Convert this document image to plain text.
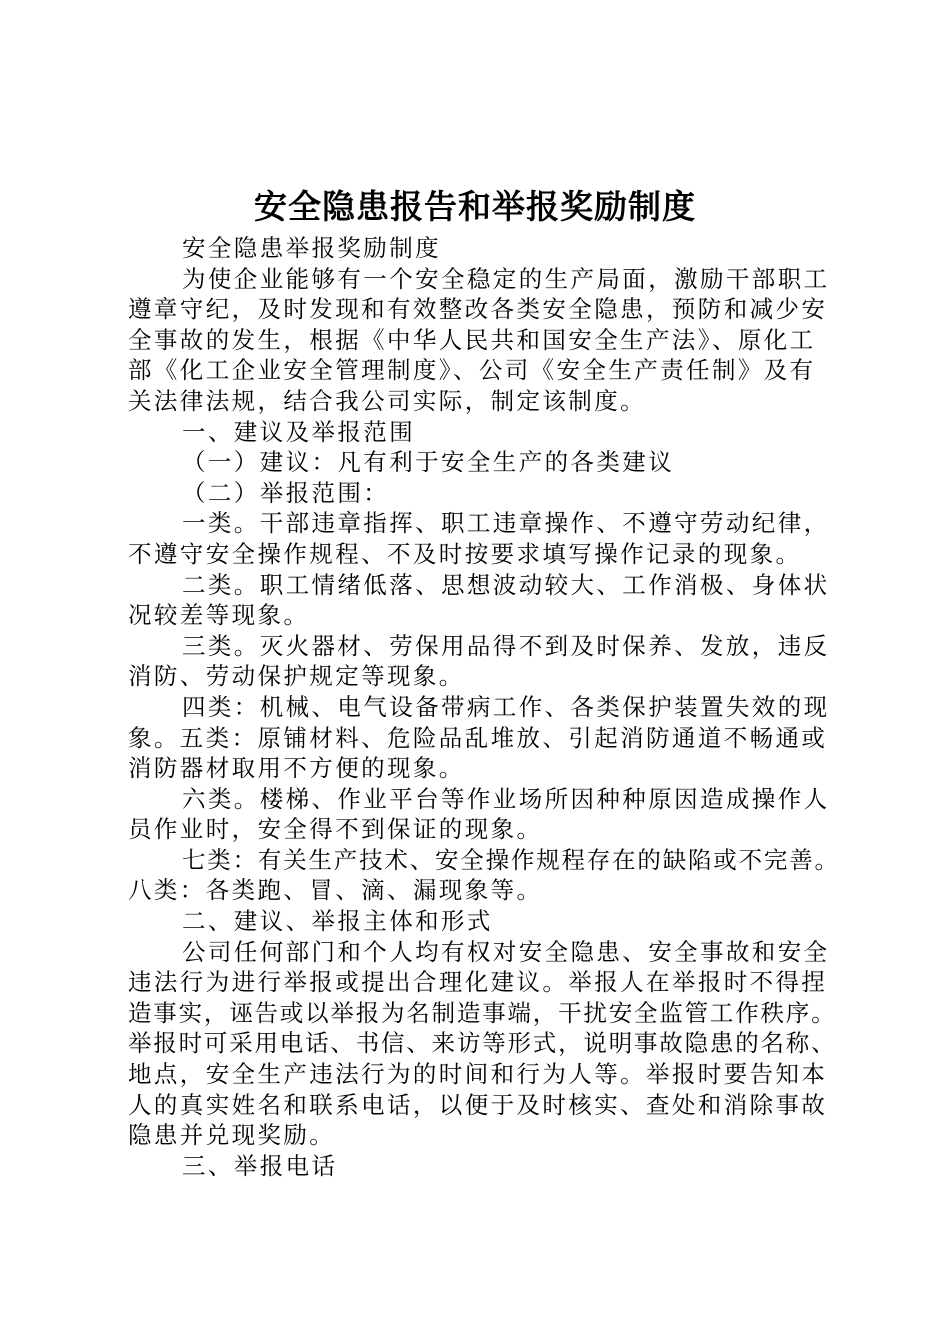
安全隐患报告和举报奖励制度
安全隐患举报奖励制度
为使企业能够有一个安全稳定的生产局面，激励干部职工
遵章守纪，及时发现和有效整改各类安全隐患，预防和减少安
全事故的发生，根据《中华人民共和国安全生产法》、原化工
部《化工企业安全管理制度》、公司《安全生产责任制》及有
关法律法规，结合我公司实际，制定该制度。
一、建议及举报范围
（一）建议：凡有利于安全生产的各类建议
（二）举报范围：
一类。干部违章指挥、职工违章操作、不遵守劳动纪律，
不遵守安全操作规程、不及时按要求填写操作记录的现象。
二类。职工情绪低落、思想波动较大、工作消极、身体状
况较差等现象。
三类。灭火器材、劳保用品得不到及时保养、发放，违反
消防、劳动保护规定等现象。
四类：机械、电气设备带病工作、各类保护装置失效的现
象。五类：原铺材料、危险品乱堆放、引起消防通道不畅通或
消防器材取用不方便的现象。
六类。楼梯、作业平台等作业场所因种种原因造成操作人
员作业时，安全得不到保证的现象。
七类：有关生产技术、安全操作规程存在的缺陷或不完善。
八类：各类跑、冒、滴、漏现象等。
二、建议、举报主体和形式
公司任何部门和个人均有权对安全隐患、安全事故和安全
违法行为进行举报或提出合理化建议。举报人在举报时不得捏
造事实，诬告或以举报为名制造事端，干扰安全监管工作秩序。
举报时可采用电话、书信、来访等形式，说明事故隐患的名称、
地点，安全生产违法行为的时间和行为人等。举报时要告知本
人的真实姓名和联系电话，以便于及时核实、查处和消除事故
隐患并兑现奖励。
三、举报电话
